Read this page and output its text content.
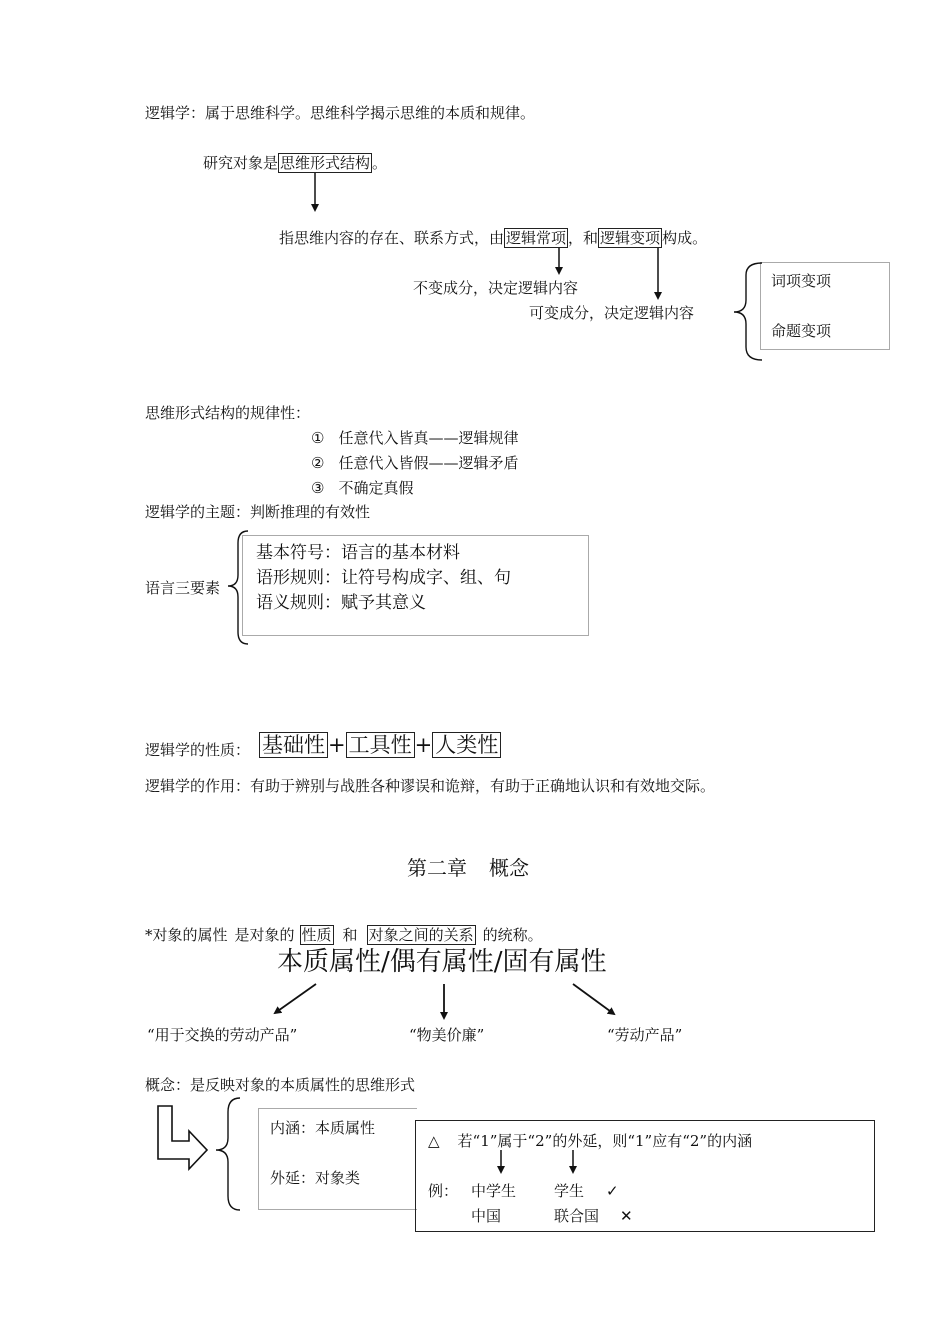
逻辑学：属于思维科学。思维科学揭示思维的本质和规律。
研究对象是 思维形式结构 。
指思维内容的存在、联系方式，由 逻辑常项 ，和 逻辑变项 构成。
不变成分，决定逻辑内容
可变成分，决定逻辑内容
词项变项
命题变项
思维形式结构的规律性：
① 任意代入皆真——逻辑规律
② 任意代入皆假——逻辑矛盾
③ 不确定真假
逻辑学的主题：判断推理的有效性
语言三要素
基本符号：语言的基本材料
语形规则：让符号构成字、组、句
语义规则：赋予其意义
逻辑学的性质： 基础性 + 工具性 + 人类性
逻辑学的作用：有助于辨别与战胜各种谬误和诡辩，有助于正确地认识和有效地交际。
第二章 概念
*对象的属性 是对象的 性质 和 对象之间的关系 的统称。
本质属性/偶有属性/固有属性
“用于交换的劳动产品”	“物美价廉”	“劳动产品”
概念：是反映对象的本质属性的思维形式
内涵：本质属性
外延：对象类
△ 若“1”属于“2”的外延，则“1”应有“2”的内涵
例： 中学生	学生 ✓
中国	联合国 ✕
